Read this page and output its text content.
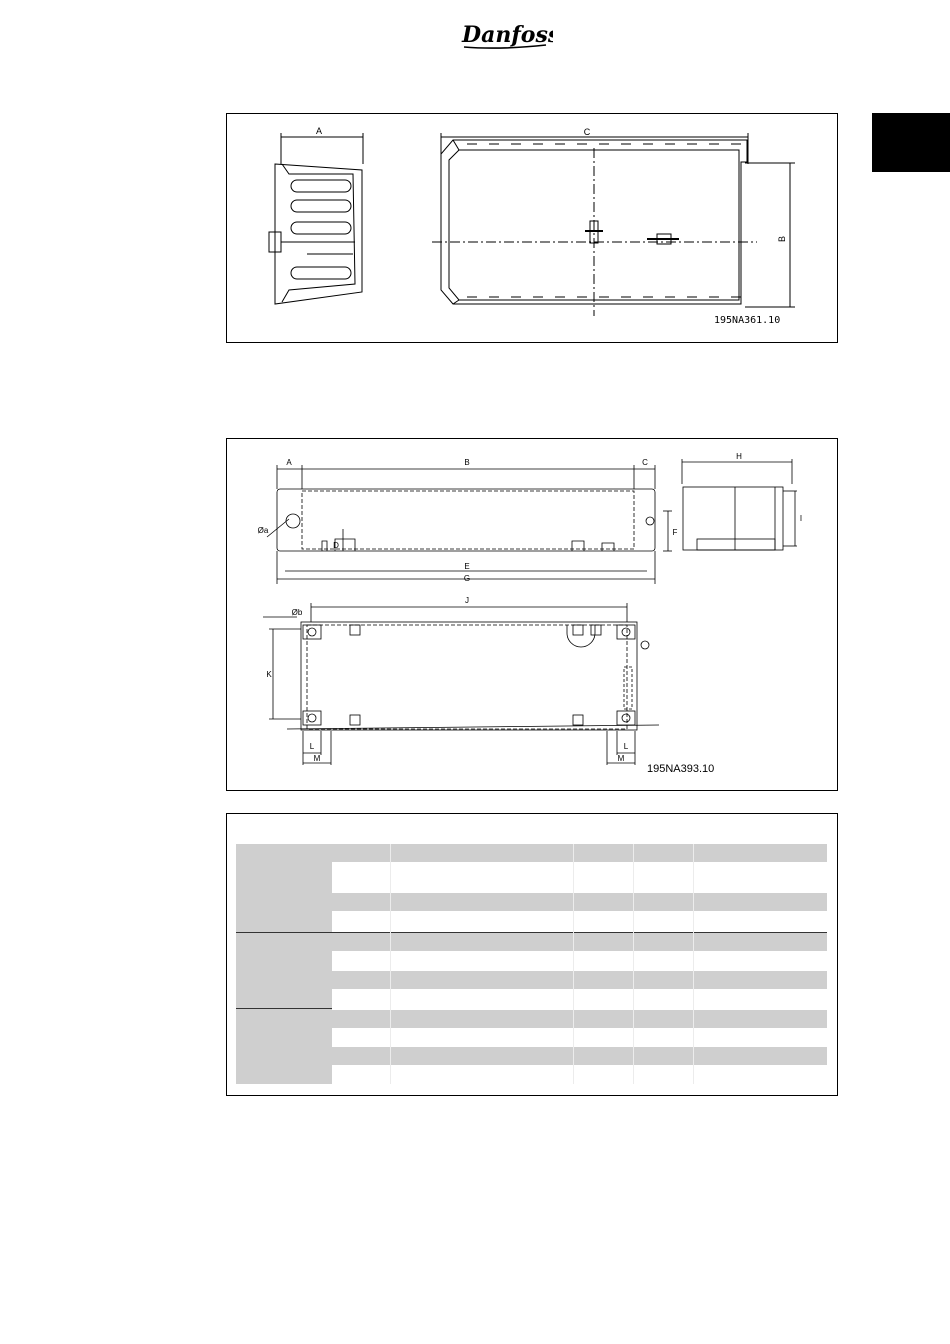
Danfoss
A	C
B
195NA361.10
A	B	C
D
E
F
G
H
I
J
K
L
M
L
M
Øa
Øb
195NA393.10
